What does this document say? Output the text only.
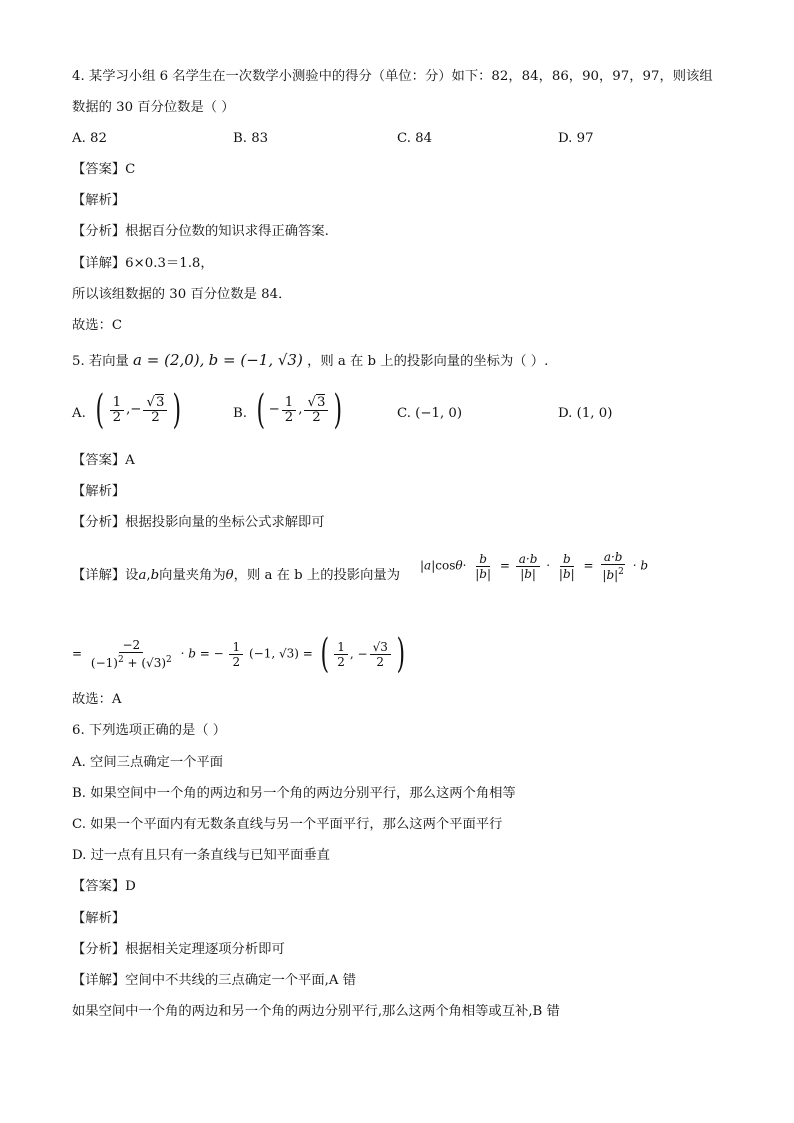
4. 某学习小组 6 名学生在一次数学小测验中的得分（单位：分）如下：82，84，86，90，97，97，则该组
数据的 30 百分位数是（ ）
A. 82	B. 83	C. 84	D. 97
【答案】C
【解析】
【分析】根据百分位数的知识求得正确答案.
【详解】6×0.3＝1.8，
所以该组数据的 30 百分位数是 84．
故选：C
5. 若向量 a = (2,0), b = (−1, √3) ，则 a 在 b 上的投影向量的坐标为（ ）.
A. ( $\frac{1}{2}$ ,− $\frac{√3}{2}$ )	B. ( − $\frac{1}{2}$ , $\frac{√3}{2}$ )	C. (−1, 0)	D. (1, 0)
【答案】A
【解析】
【分析】根据投影向量的坐标公式求解即可
【详解】设a,b向量夹角为θ，则 a 在 b 上的投影向量为
$|a|\cos\theta\cdot \frac{b}{|b|} = \frac{a\cdot b}{|b|} \cdot \frac{b}{|b|} = \frac{a\cdot b}{|b|^2} \cdot b$
= $\frac{-2}{(-1)^2 + (√3)^2} \cdot b$ = − $\frac{1}{2} (-1$, √3) = ( $\frac{1}{2}$ , − $\frac{√3}{2}$ )
故选：A
6. 下列选项正确的是（ ）
A. 空间三点确定一个平面
B. 如果空间中一个角的两边和另一个角的两边分别平行，那么这两个角相等
C. 如果一个平面内有无数条直线与另一个平面平行，那么这两个平面平行
D. 过一点有且只有一条直线与已知平面垂直
【答案】D
【解析】
【分析】根据相关定理逐项分析即可
【详解】空间中不共线的三点确定一个平面,A 错
如果空间中一个角的两边和另一个角的两边分别平行,那么这两个角相等或互补,B 错
